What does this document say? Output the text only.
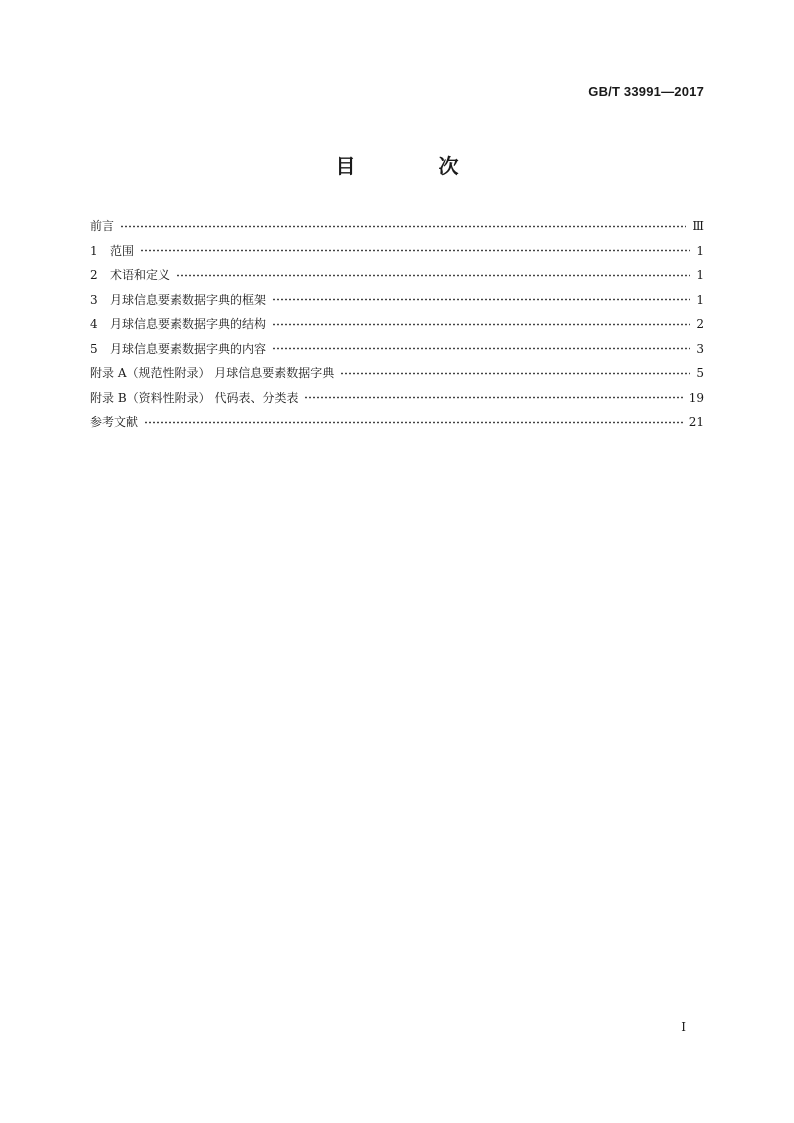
GB/T 33991—2017
目 次
前言	Ⅲ
1 范围	1
2 术语和定义	1
3 月球信息要素数据字典的框架	1
4 月球信息要素数据字典的结构	2
5 月球信息要素数据字典的内容	3
附录 A（规范性附录） 月球信息要素数据字典	5
附录 B（资料性附录） 代码表、分类表	19
参考文献	21
Ⅰ
